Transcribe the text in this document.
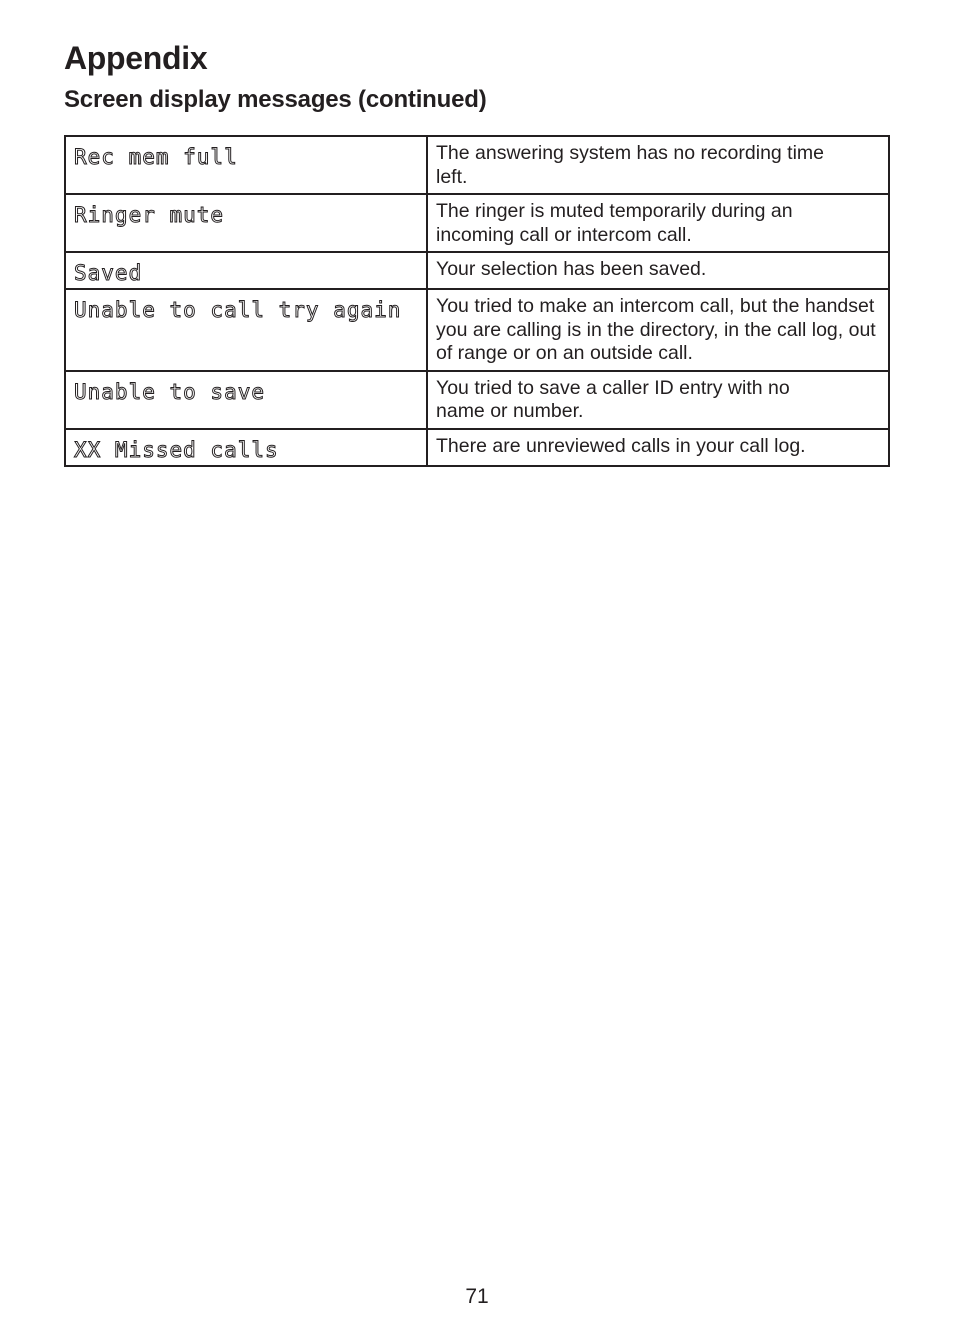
Appendix
Screen display messages (continued)
Rec mem full	The answering system has no recording time left.

Ringer mute	The ringer is muted temporarily during an incoming call or intercom call.

Saved	Your selection has been saved.

Unable to call try again	You tried to make an intercom call, but the handset you are calling is in the directory, in the call log, out of range or on an outside call.

Unable to save	You tried to save a caller ID entry with no name or number.

XX Missed calls	There are unreviewed calls in your call log.
71
